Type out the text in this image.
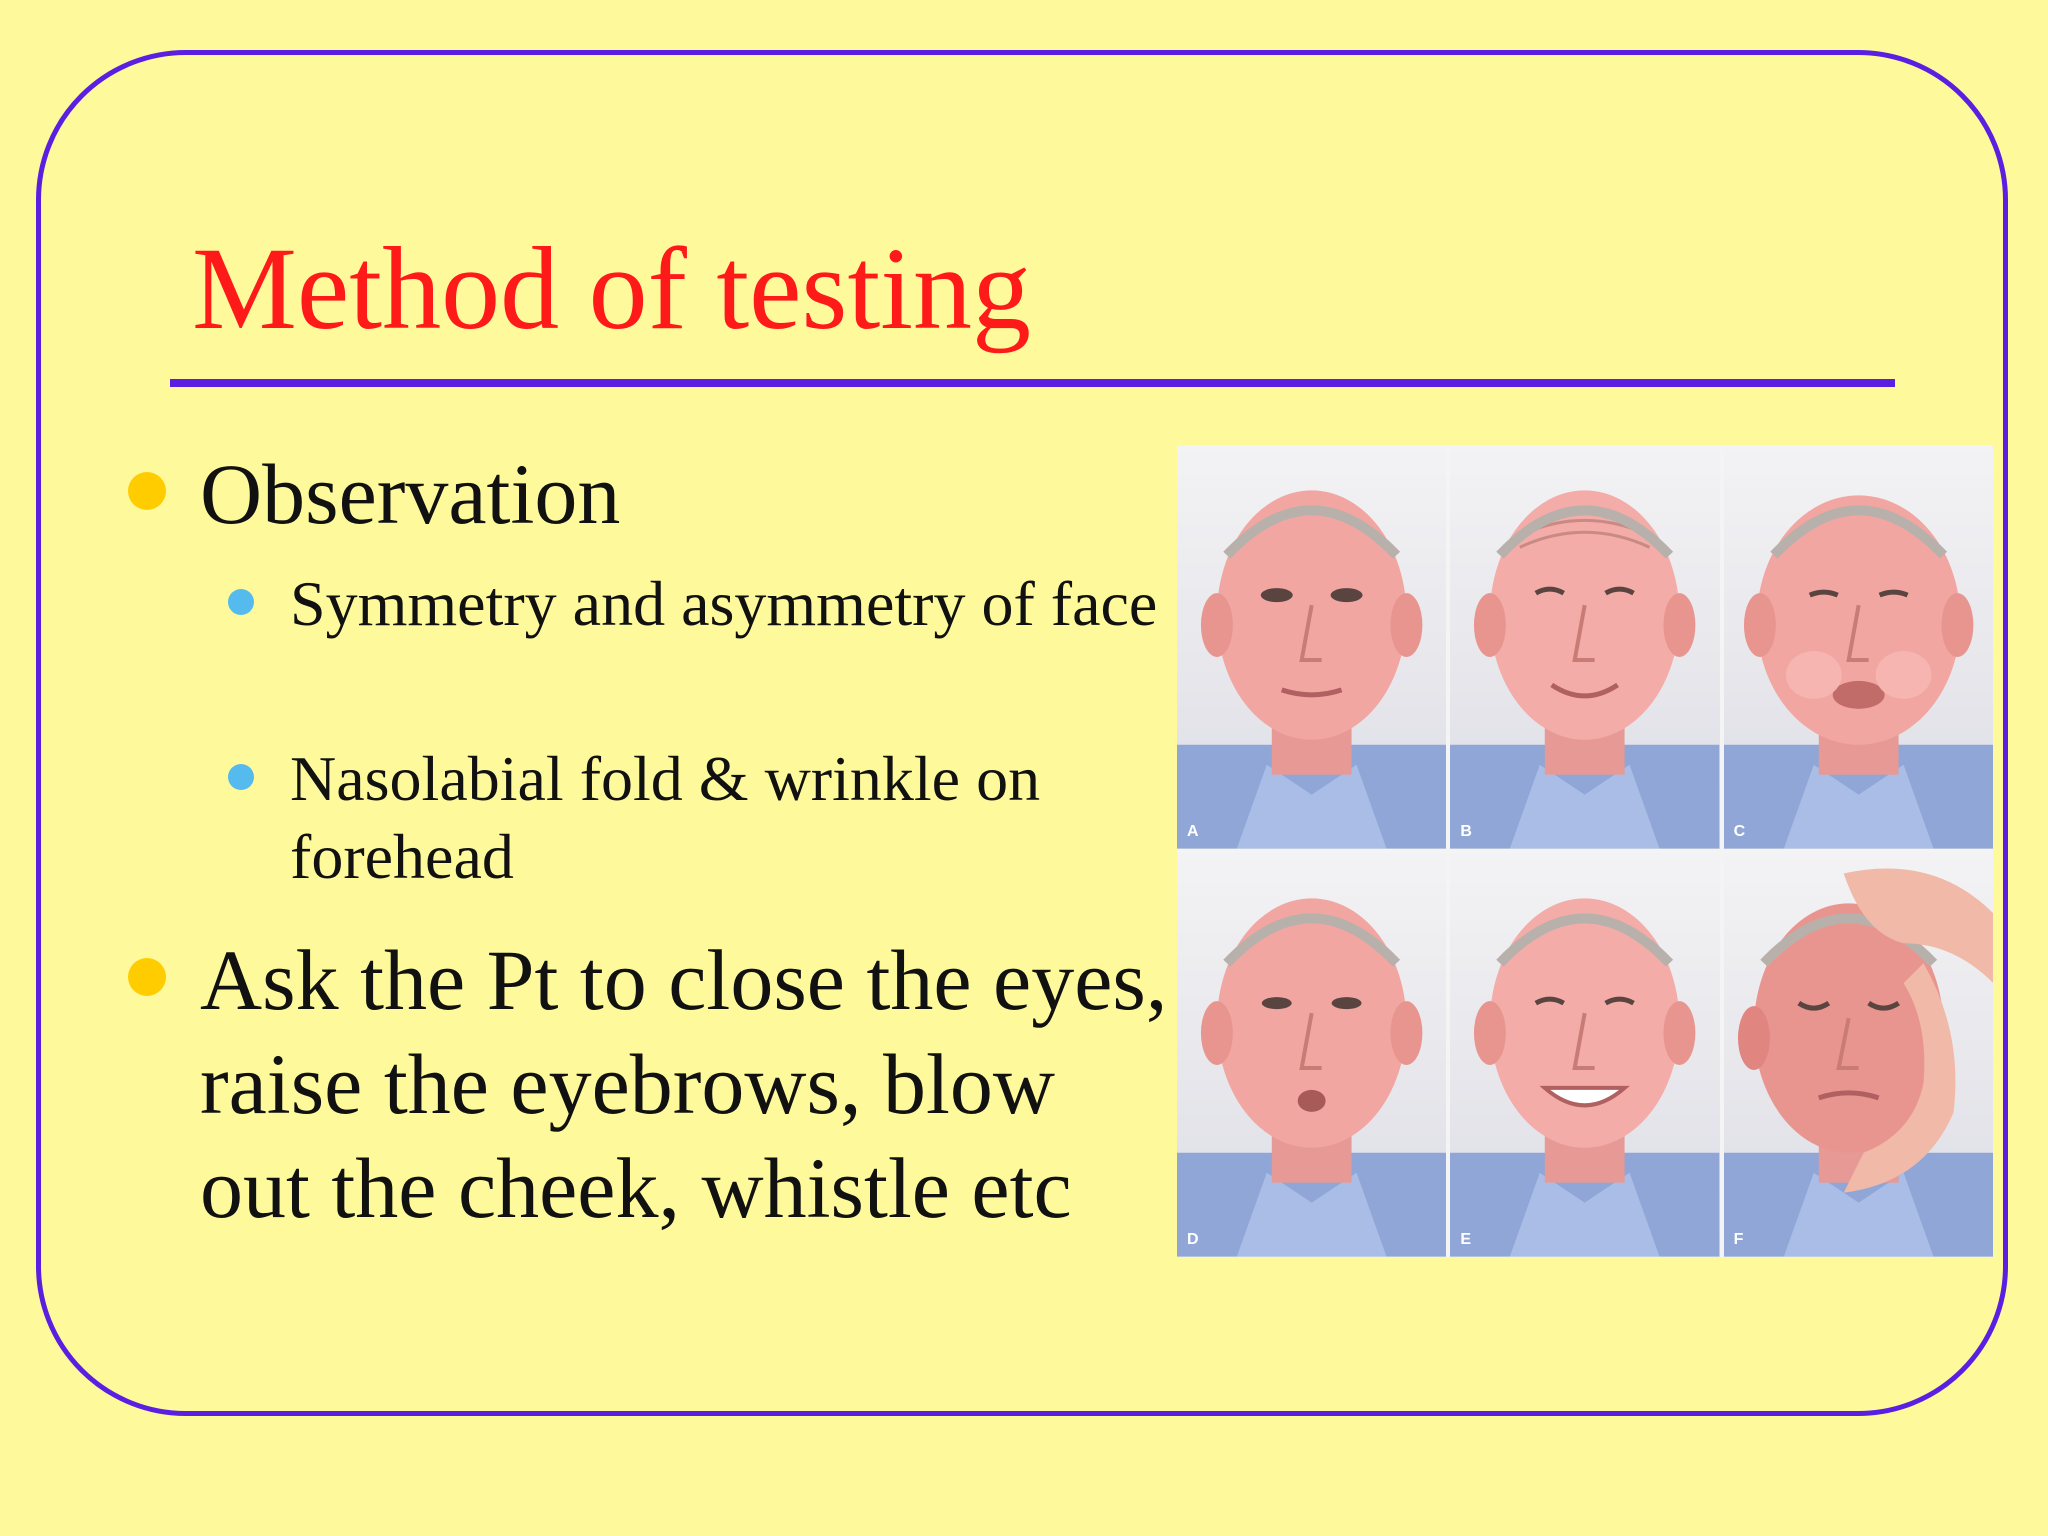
Method of testing
Observation
Symmetry and asymmetry of face
Nasolabial fold & wrinkle on forehead
Ask the Pt to close the eyes, raise the eyebrows, blow out the cheek, whistle etc
A	B	C
D	E	F
